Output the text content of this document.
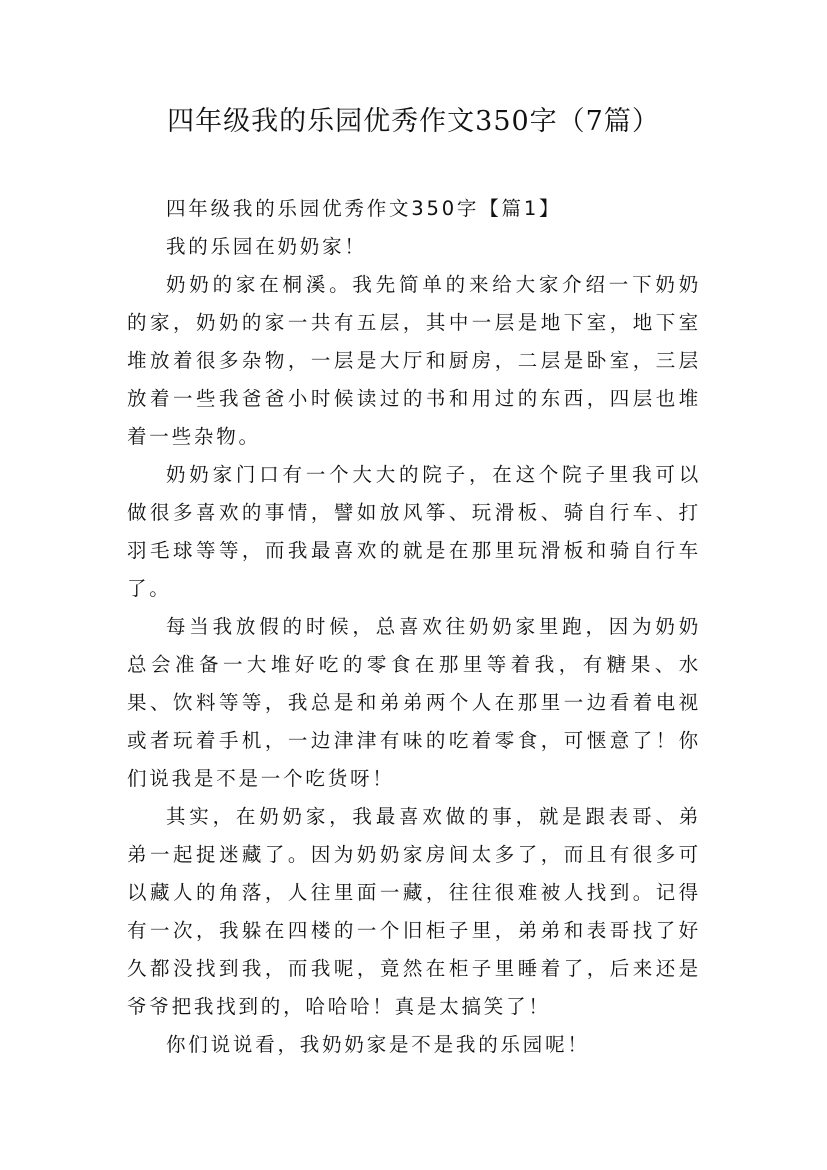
四年级我的乐园优秀作文350字（7篇）

四年级我的乐园优秀作文350字【篇1】

我的乐园在奶奶家！

奶奶的家在桐溪。我先简单的来给大家介绍一下奶奶的家，奶奶的家一共有五层，其中一层是地下室，地下室堆放着很多杂物，一层是大厅和厨房，二层是卧室，三层放着一些我爸爸小时候读过的书和用过的东西，四层也堆着一些杂物。

奶奶家门口有一个大大的院子，在这个院子里我可以做很多喜欢的事情，譬如放风筝、玩滑板、骑自行车、打羽毛球等等，而我最喜欢的就是在那里玩滑板和骑自行车了。

每当我放假的时候，总喜欢往奶奶家里跑，因为奶奶总会准备一大堆好吃的零食在那里等着我，有糖果、水果、饮料等等，我总是和弟弟两个人在那里一边看着电视或者玩着手机，一边津津有味的吃着零食，可惬意了！你们说我是不是一个吃货呀！

其实，在奶奶家，我最喜欢做的事，就是跟表哥、弟弟一起捉迷藏了。因为奶奶家房间太多了，而且有很多可以藏人的角落，人往里面一藏，往往很难被人找到。记得有一次，我躲在四楼的一个旧柜子里，弟弟和表哥找了好久都没找到我，而我呢，竟然在柜子里睡着了，后来还是爷爷把我找到的，哈哈哈！真是太搞笑了！

你们说说看，我奶奶家是不是我的乐园呢！
